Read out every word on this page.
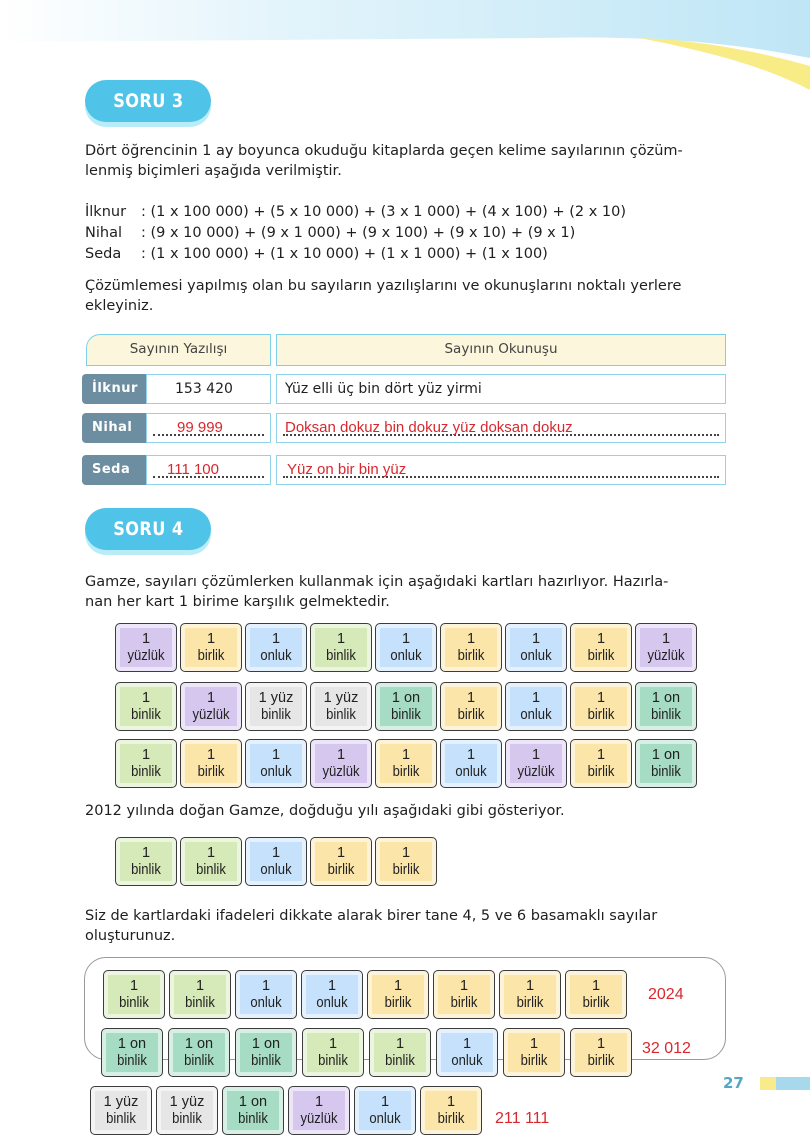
SORU 3
Dört öğrencinin 1 ay boyunca okuduğu kitaplarda geçen kelime sayılarının çözüm-
lenmiş biçimleri aşağıda verilmiştir.
İlknur	: (1 x 100 000) + (5 x 10 000) + (3 x 1 000) + (4 x 100) + (2 x 10)
Nihal	: (9 x 10 000) + (9 x 1 000) + (9 x 100) + (9 x 10) + (9 x 1)
Seda	: (1 x 100 000) + (1 x 10 000) + (1 x 1 000) + (1 x 100)
Çözümlemesi yapılmış olan bu sayıların yazılışlarını ve okunuşlarını noktalı yerlere
ekleyiniz.
Sayının Yazılışı	Sayının Okunuşu
İlknur	153 420	Yüz elli üç bin dört yüz yirmi
Nihal	99 999	Doksan dokuz bin dokuz yüz doksan dokuz
Seda	111 100	Yüz on bir bin yüz
SORU 4
Gamze, sayıları çözümlerken kullanmak için aşağıdaki kartları hazırlıyor. Hazırla-
nan her kart 1 birime karşılık gelmektedir.
1
yüzlük
1
birlik
1
onluk
1
binlik
1
onluk
1
birlik
1
onluk
1
birlik
1
yüzlük
1
binlik
1
yüzlük
1 yüz
binlik
1 yüz
binlik
1 on
binlik
1
birlik
1
onluk
1
birlik
1 on
binlik
1
binlik
1
birlik
1
onluk
1
yüzlük
1
birlik
1
onluk
1
yüzlük
1
birlik
1 on
binlik
2012 yılında doğan Gamze, doğduğu yılı aşağıdaki gibi gösteriyor.
1
binlik
1
binlik
1
onluk
1
birlik
1
birlik
Siz de kartlardaki ifadeleri dikkate alarak birer tane 4, 5 ve 6 basamaklı sayılar
oluşturunuz.
1
binlik
1
binlik
1
onluk
1
onluk
1
birlik
1
birlik
1
birlik
1
birlik
1 on
binlik
1 on
binlik
1 on
binlik
1
binlik
1
binlik
1
onluk
1
birlik
1
birlik
1 yüz
binlik
1 yüz
binlik
1 on
binlik
1
yüzlük
1
onluk
1
birlik
2024
32 012
211 111
27
